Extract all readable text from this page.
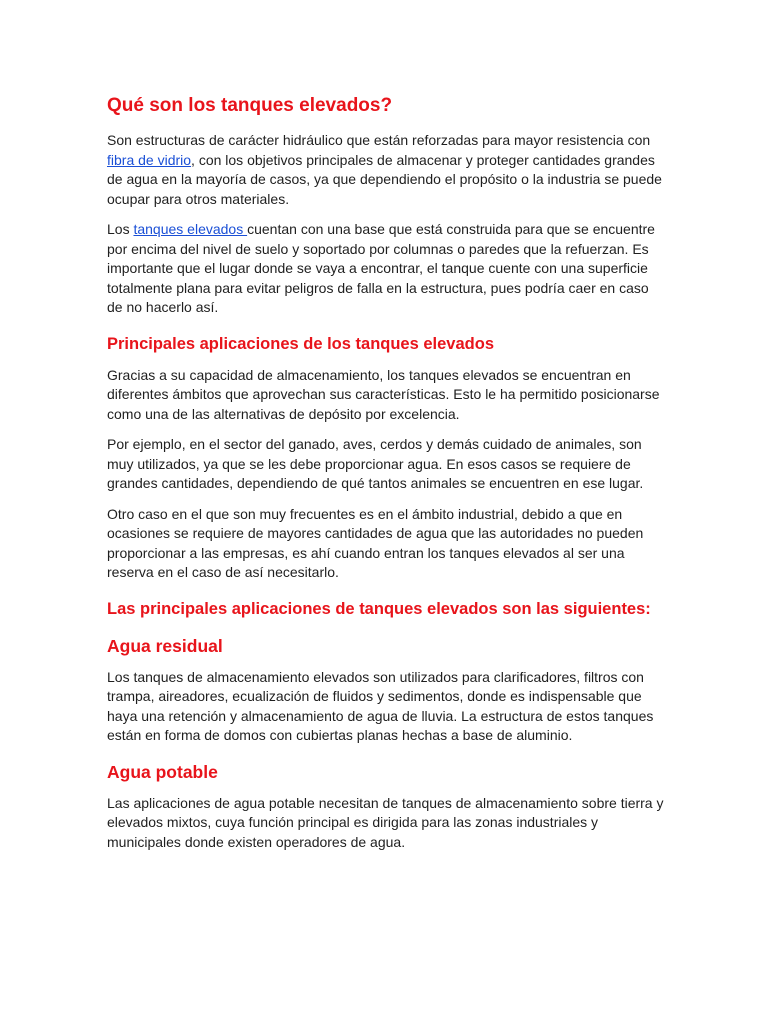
Qué son los tanques elevados?

Son estructuras de carácter hidráulico que están reforzadas para mayor resistencia con fibra de vidrio, con los objetivos principales de almacenar y proteger cantidades grandes de agua en la mayoría de casos, ya que dependiendo el propósito o la industria se puede ocupar para otros materiales.

Los tanques elevados cuentan con una base que está construida para que se encuentre por encima del nivel de suelo y soportado por columnas o paredes que la refuerzan. Es importante que el lugar donde se vaya a encontrar, el tanque cuente con una superficie totalmente plana para evitar peligros de falla en la estructura, pues podría caer en caso de no hacerlo así.

Principales aplicaciones de los tanques elevados

Gracias a su capacidad de almacenamiento, los tanques elevados se encuentran en diferentes ámbitos que aprovechan sus características. Esto le ha permitido posicionarse como una de las alternativas de depósito por excelencia.

Por ejemplo, en el sector del ganado, aves, cerdos y demás cuidado de animales, son muy utilizados, ya que se les debe proporcionar agua. En esos casos se requiere de grandes cantidades, dependiendo de qué tantos animales se encuentren en ese lugar.

Otro caso en el que son muy frecuentes es en el ámbito industrial, debido a que en ocasiones se requiere de mayores cantidades de agua que las autoridades no pueden proporcionar a las empresas, es ahí cuando entran los tanques elevados al ser una reserva en el caso de así necesitarlo.

Las principales aplicaciones de tanques elevados son las siguientes:
Agua residual

Los tanques de almacenamiento elevados son utilizados para clarificadores, filtros con trampa, aireadores, ecualización de fluidos y sedimentos, donde es indispensable que haya una retención y almacenamiento de agua de lluvia. La estructura de estos tanques están en forma de domos con cubiertas planas hechas a base de aluminio.

Agua potable

Las aplicaciones de agua potable necesitan de tanques de almacenamiento sobre tierra y elevados mixtos, cuya función principal es dirigida para las zonas industriales y municipales donde existen operadores de agua.
